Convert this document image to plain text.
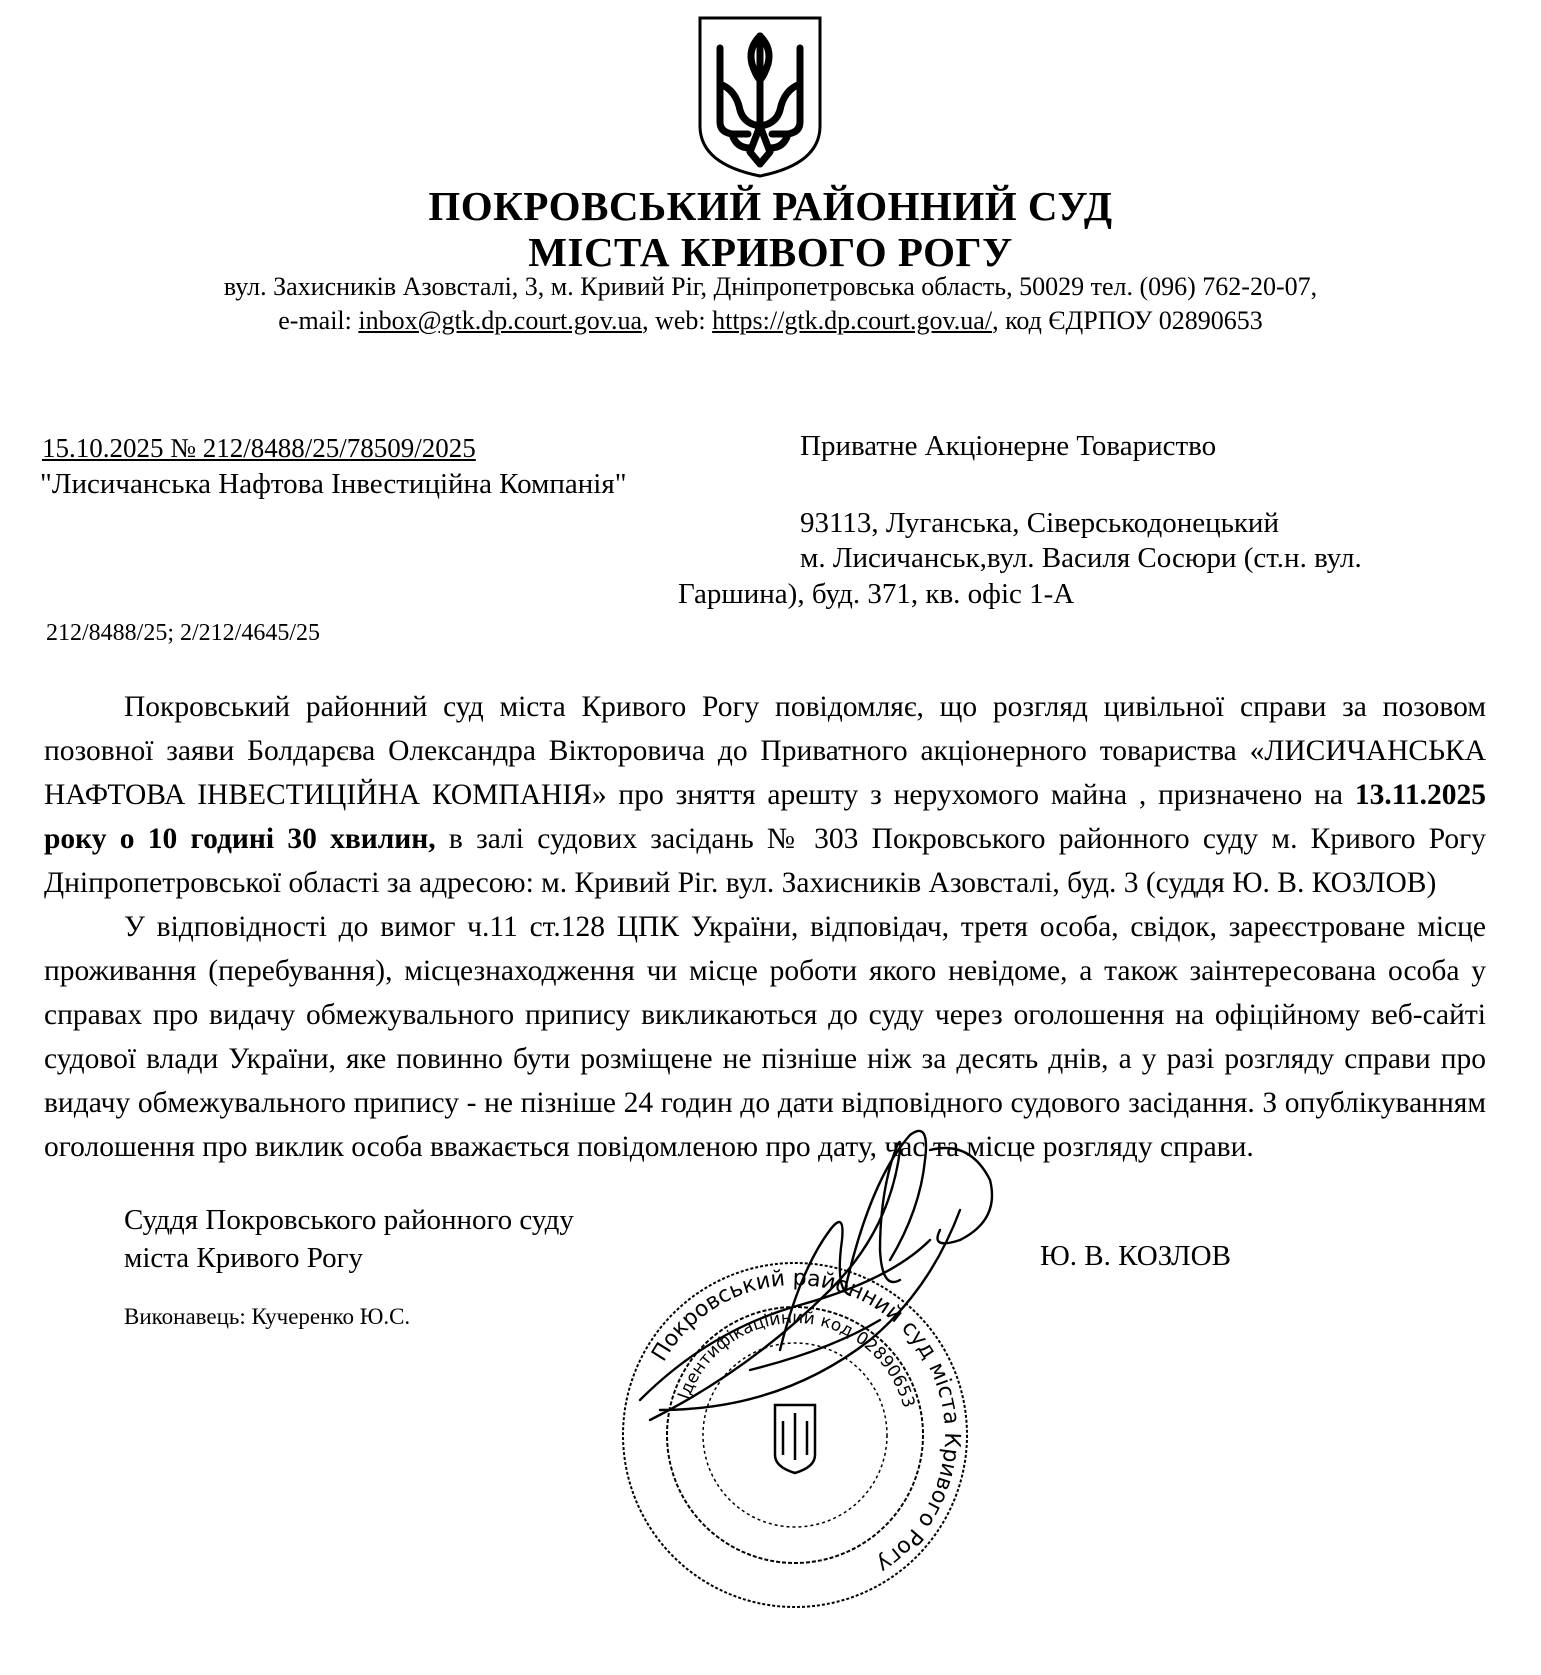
ПОКРОВСЬКИЙ РАЙОННИЙ СУД
МІСТА КРИВОГО РОГУ
вул. Захисників Азовсталі, 3, м. Кривий Ріг, Дніпропетровська область, 50029 тел. (096) 762-20-07,
e-mail: inbox@gtk.dp.court.gov.ua, web: https://gtk.dp.court.gov.ua/, код ЄДРПОУ 02890653
15.10.2025 № 212/8488/25/78509/2025
"Лисичанська Нафтова Інвестиційна Компанія"
Приватне Акціонерне Товариство
93113, Луганська, Сіверськодонецький
м. Лисичанськ,вул. Василя Сосюри (ст.н. вул.
Гаршина), буд. 371, кв. офіс 1-А
212/8488/25; 2/212/4645/25

Покровський районний суд міста Кривого Рогу повідомляє, що розгляд цивільної справи за позовом позовної заяви Болдарєва Олександра Вікторовича до Приватного акціонерного товариства «ЛИСИЧАНСЬКА НАФТОВА ІНВЕСТИЦІЙНА КОМПАНІЯ» про зняття арешту з нерухомого майна , призначено на 13.11.2025 року о 10 годині 30 хвилин, в залі судових засідань № 303 Покровського районного суду м. Кривого Рогу Дніпропетровської області за адресою: м. Кривий Ріг. вул. Захисників Азовсталі, буд. 3 (суддя Ю. В. КОЗЛОВ)

У відповідності до вимог ч.11 ст.128 ЦПК України, відповідач, третя особа, свідок, зареєстроване місце проживання (перебування), місцезнаходження чи місце роботи якого невідоме, а також заінтересована особа у справах про видачу обмежувального припису викликаються до суду через оголошення на офіційному веб-сайті судової влади України, яке повинно бути розміщене не пізніше ніж за десять днів, а у разі розгляду справи про видачу обмежувального припису - не пізніше 24 годин до дати відповідного судового засідання. З опублікуванням оголошення про виклик особа вважається повідомленою про дату, час та місце розгляду справи.

Суддя Покровського районного суду
міста Кривого Рогу	Ю. В. КОЗЛОВ
Виконавець: Кучеренко Ю.С.
Покровський районний суд міста Кривого Рогу
Ідентифікаційний код 02890653
